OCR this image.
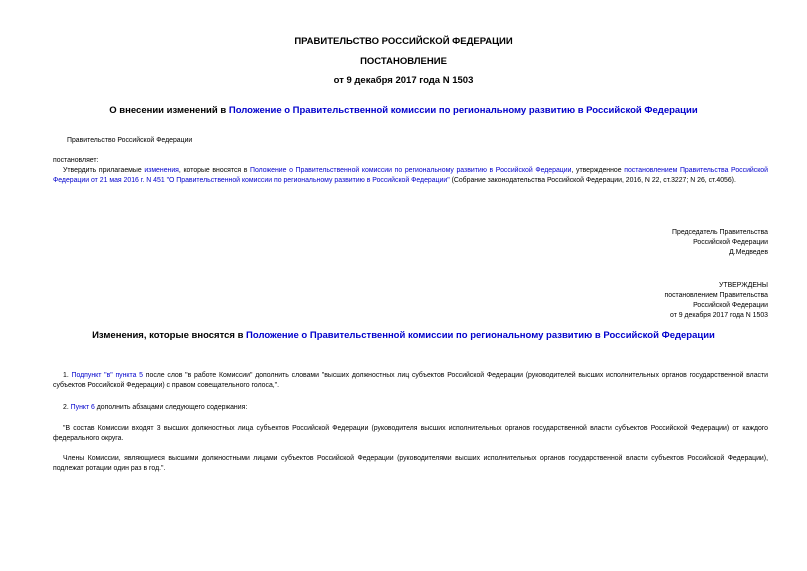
ПРАВИТЕЛЬСТВО РОССИЙСКОЙ ФЕДЕРАЦИИ
ПОСТАНОВЛЕНИЕ
от 9 декабря 2017 года N 1503
О внесении изменений в Положение о Правительственной комиссии по региональному развитию в Российской Федерации
Правительство Российской Федерации
постановляет:
Утвердить прилагаемые изменения, которые вносятся в Положение о Правительственной комиссии по региональному развитию в Российской Федерации, утвержденное постановлением Правительства Российской Федерации от 21 мая 2016 г. N 451 "О Правительственной комиссии по региональному развитию в Российской Федерации" (Собрание законодательства Российской Федерации, 2016, N 22, ст.3227; N 26, ст.4056).
Председатель Правительства
Российской Федерации
Д.Медведев
УТВЕРЖДЕНЫ
постановлением Правительства
Российской Федерации
от 9 декабря 2017 года N 1503
Изменения, которые вносятся в Положение о Правительственной комиссии по региональному развитию в Российской Федерации
1. Подпункт "в" пункта 5 после слов "в работе Комиссии" дополнить словами "высших должностных лиц субъектов Российской Федерации (руководителей высших исполнительных органов государственной власти субъектов Российской Федерации) с правом совещательного голоса,".
2. Пункт 6 дополнить абзацами следующего содержания:
"В состав Комиссии входят 3 высших должностных лица субъектов Российской Федерации (руководителя высших исполнительных органов государственной власти субъектов Российской Федерации) от каждого федерального округа.
Члены Комиссии, являющиеся высшими должностными лицами субъектов Российской Федерации (руководителями высших исполнительных органов государственной власти субъектов Российской Федерации), подлежат ротации один раз в год.".
